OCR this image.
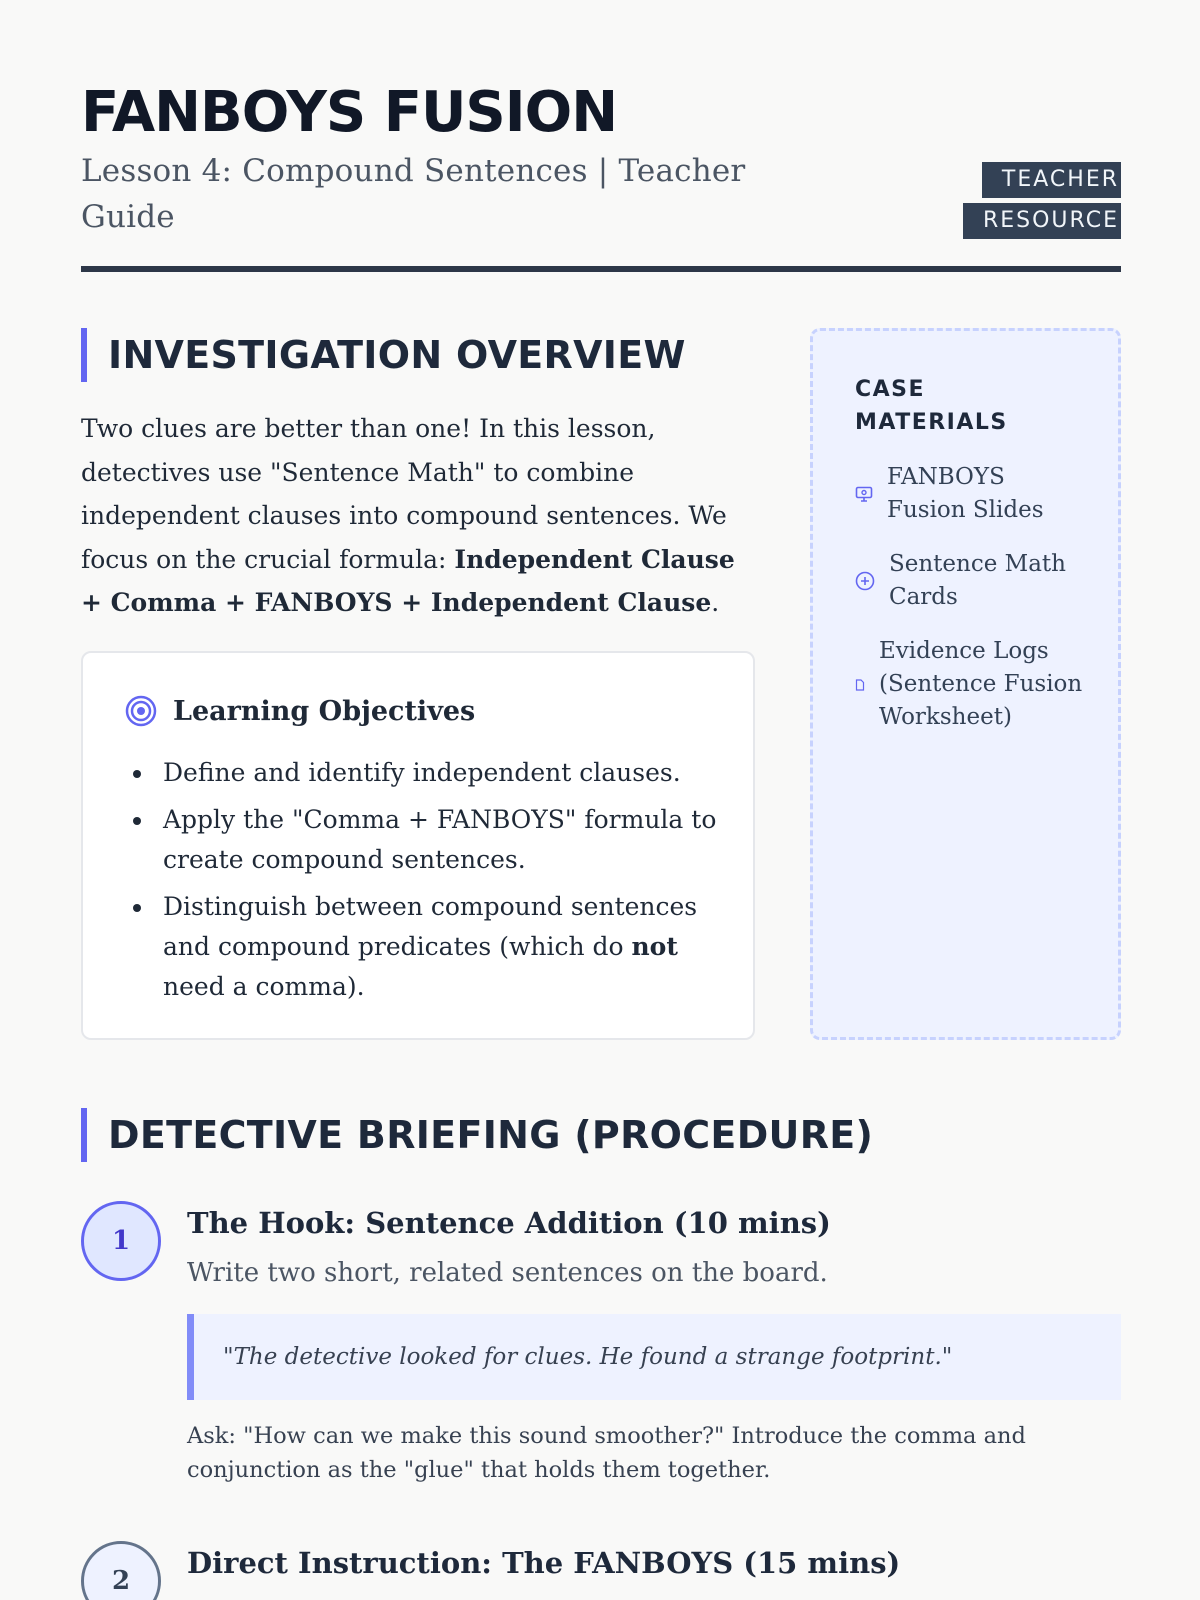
FANBOYS FUSION
Lesson 4: Compound Sentences | Teacher Guide
TEACHER RESOURCE
INVESTIGATION OVERVIEW

Two clues are better than one! In this lesson, detectives use "Sentence Math" to combine independent clauses into compound sentences. We focus on the crucial formula: Independent Clause + Comma + FANBOYS + Independent Clause.

Learning Objectives
Define and identify independent clauses.
Apply the "Comma + FANBOYS" formula to create compound sentences.
Distinguish between compound sentences and compound predicates (which do not need a comma).
CASE MATERIALS
FANBOYS Fusion Slides
Sentence Math Cards
Evidence Logs (Sentence Fusion Worksheet)
DETECTIVE BRIEFING (PROCEDURE)
1
The Hook: Sentence Addition (10 mins)

Write two short, related sentences on the board.

"The detective looked for clues. He found a strange footprint."

Ask: "How can we make this sound smoother?" Introduce the comma and conjunction as the "glue" that holds them together.

2
Direct Instruction: The FANBOYS (15 mins)
